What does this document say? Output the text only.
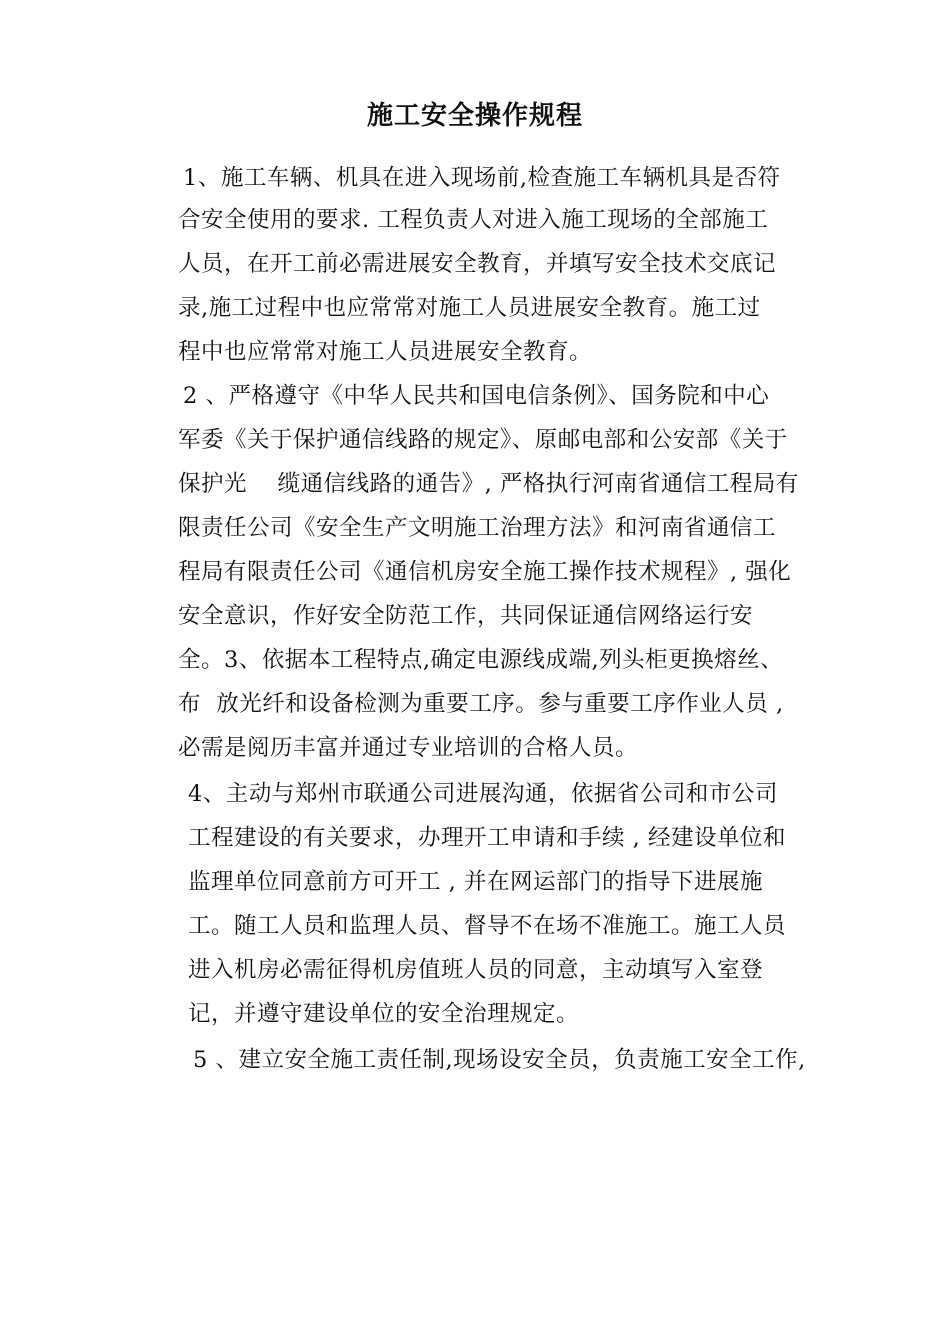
施工安全操作规程
1、施工车辆、机具在进入现场前,检查施工车辆机具是否符
合安全使用的要求. 工程负责人对进入施工现场的全部施工
人员，在开工前必需进展安全教育，并填写安全技术交底记
录,施工过程中也应常常对施工人员进展安全教育。施工过
程中也应常常对施工人员进展安全教育。
2 、严格遵守《中华人民共和国电信条例》、国务院和中心
军委《关于保护通信线路的规定》、原邮电部和公安部《关于
保护光    缆通信线路的通告》, 严格执行河南省通信工程局有
限责任公司《安全生产文明施工治理方法》和河南省通信工
程局有限责任公司《通信机房安全施工操作技术规程》, 强化
安全意识，作好安全防范工作，共同保证通信网络运行安
全。3、依据本工程特点,确定电源线成端,列头柜更换熔丝、
布  放光纤和设备检测为重要工序。参与重要工序作业人员 ,
必需是阅历丰富并通过专业培训的合格人员。
4、主动与郑州市联通公司进展沟通，依据省公司和市公司
工程建设的有关要求，办理开工申请和手续 , 经建设单位和
监理单位同意前方可开工 , 并在网运部门的指导下进展施
工。随工人员和监理人员、督导不在场不准施工。施工人员
进入机房必需征得机房值班人员的同意，主动填写入室登
记，并遵守建设单位的安全治理规定。
5 、建立安全施工责任制,现场设安全员，负责施工安全工作,
